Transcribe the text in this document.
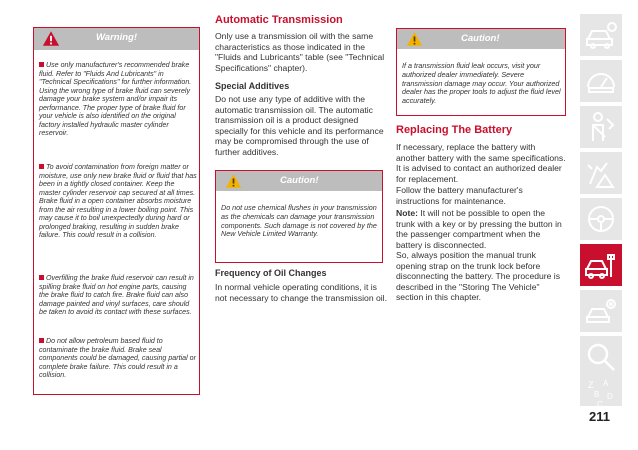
Warning!
Use only manufacturer's recommended brake fluid. Refer to "Fluids And Lubricants" in "Technical Specifications" for further information. Using the wrong type of brake fluid can severely damage your brake system and/or impair its performance. The proper type of brake fluid for your vehicle is also identified on the original factory installed hydraulic master cylinder reservoir.
To avoid contamination from foreign matter or moisture, use only new brake fluid or fluid that has been in a tightly closed container. Keep the master cylinder reservoir cap secured at all times. Brake fluid in a open container absorbs moisture from the air resulting in a lower boiling point. This may cause it to boil unexpectedly during hard or prolonged braking, resulting in sudden brake failure. This could result in a collision.
Overfilling the brake fluid reservoir can result in spilling brake fluid on hot engine parts, causing the brake fluid to catch fire. Brake fluid can also damage painted and vinyl surfaces, care should be taken to avoid its contact with these surfaces.
Do not allow petroleum based fluid to contaminate the brake fluid. Brake seal components could be damaged, causing partial or complete brake failure. This could result in a collision.
Automatic Transmission
Only use a transmission oil with the same characteristics as those indicated in the "Fluids and Lubricants" table (see "Technical Specifications" chapter).
Special Additives
Do not use any type of additive with the automatic transmission oil. The automatic transmission oil is a product designed specially for this vehicle and its performance may be compromised through the use of further additives.
Caution!
Do not use chemical flushes in your transmission as the chemicals can damage your transmission components. Such damage is not covered by the New Vehicle Limited Warranty.
Frequency of Oil Changes
In normal vehicle operating conditions, it is not necessary to change the transmission oil.
Caution!
If a transmission fluid leak occurs, visit your authorized dealer immediately. Severe transmission damage may occur. Your authorized dealer has the proper tools to adjust the fluid level accurately.
Replacing The Battery
If necessary, replace the battery with another battery with the same specifications. It is advised to contact an authorized dealer for replacement.
Follow the battery manufacturer's instructions for maintenance.
Note: It will not be possible to open the trunk with a key or by pressing the button in the passenger compartment when the battery is disconnected.
So, always position the manual trunk opening strap on the trunk lock before disconnecting the battery. The procedure is described in the "Storing The Vehicle" section in this chapter.
Z A
B D
C
211
